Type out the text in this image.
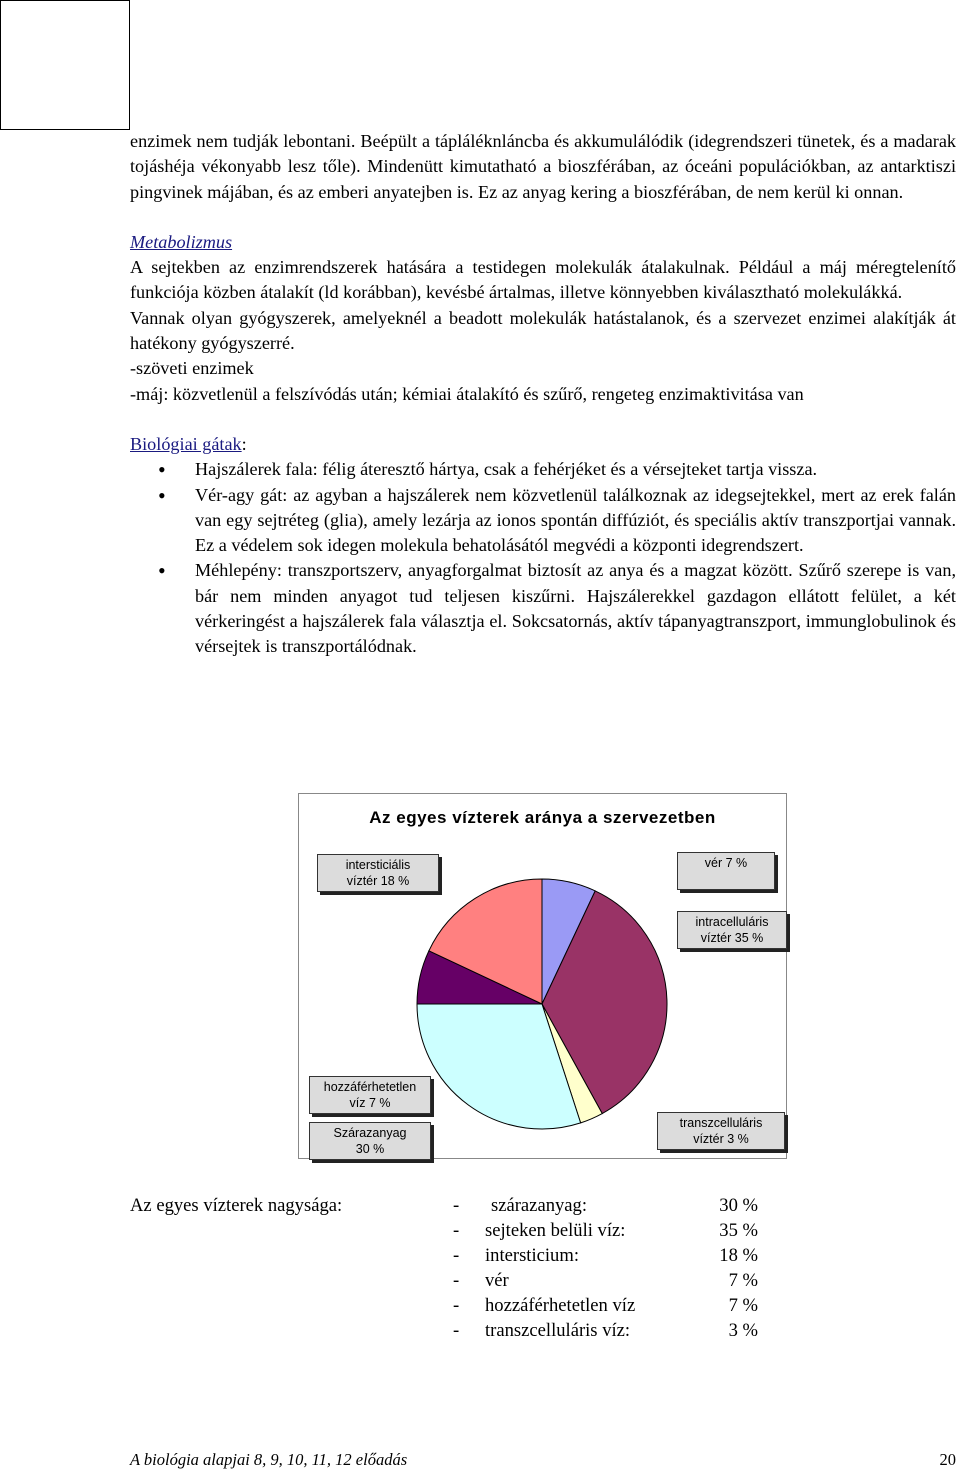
enzimek nem tudják lebontani. Beépült a tápláléknláncba és akkumulálódik (idegrendszeri tünetek, és a madarak tojáshéja vékonyabb lesz tőle). Mindenütt kimutatható a bioszférában, az óceáni populációkban, az antarktiszi pingvinek májában, és az emberi anyatejben is. Ez az anyag kering a bioszférában, de nem kerül ki onnan.

Metabolizmus

A sejtekben az enzimrendszerek hatására a testidegen molekulák átalakulnak. Például a máj méregtelenítő funkciója közben átalakít (ld korábban), kevésbé ártalmas, illetve könnyebben kiválasztható molekulákká.

Vannak olyan gyógyszerek, amelyeknél a beadott molekulák hatástalanok, és a szervezet enzimei alakítják át hatékony gyógyszerré.

-szöveti enzimek

-máj: közvetlenül a felszívódás után; kémiai átalakító és szűrő, rengeteg enzimaktivitása van

Biológiai gátak:

• Hajszálerek fala: félig áteresztő hártya, csak a fehérjéket és a vérsejteket tartja vissza.
• Vér-agy gát: az agyban a hajszálerek nem közvetlenül találkoznak az idegsejtekkel, mert az erek falán van egy sejtréteg (glia), amely lezárja az ionos spontán diffúziót, és speciális aktív transzportjai vannak. Ez a védelem sok idegen molekula behatolásától megvédi a központi idegrendszert.
• Méhlepény: transzportszerv, anyagforgalmat biztosít az anya és a magzat között. Szűrő szerepe is van, bár nem minden anyagot tud teljesen kiszűrni. Hajszálerekkel gazdagon ellátott felület, a két vérkeringést a hajszálerek fala választja el. Sokcsatornás, aktív tápanyagtranszport, immunglobulinok és vérsejtek is transzportálódnak.
Az egyes vízterek aránya a szervezetben
vér 7 %
intracelluláris
víztér 35 %
transzcelluláris
víztér 3 %
Szárazanyag
30 %
hozzáférhetetlen
víz 7 %
intersticiális
víztér 18 %
Az egyes vízterek nagysága:	- szárazanyag:	30 %
- sejteken belüli víz:	35 %
- intersticium:	18 %
- vér	7 %
- hozzáférhetetlen víz	7 %
- transzcelluláris víz:	3 %
A biológia alapjai 8, 9, 10, 11, 12 előadás	20
